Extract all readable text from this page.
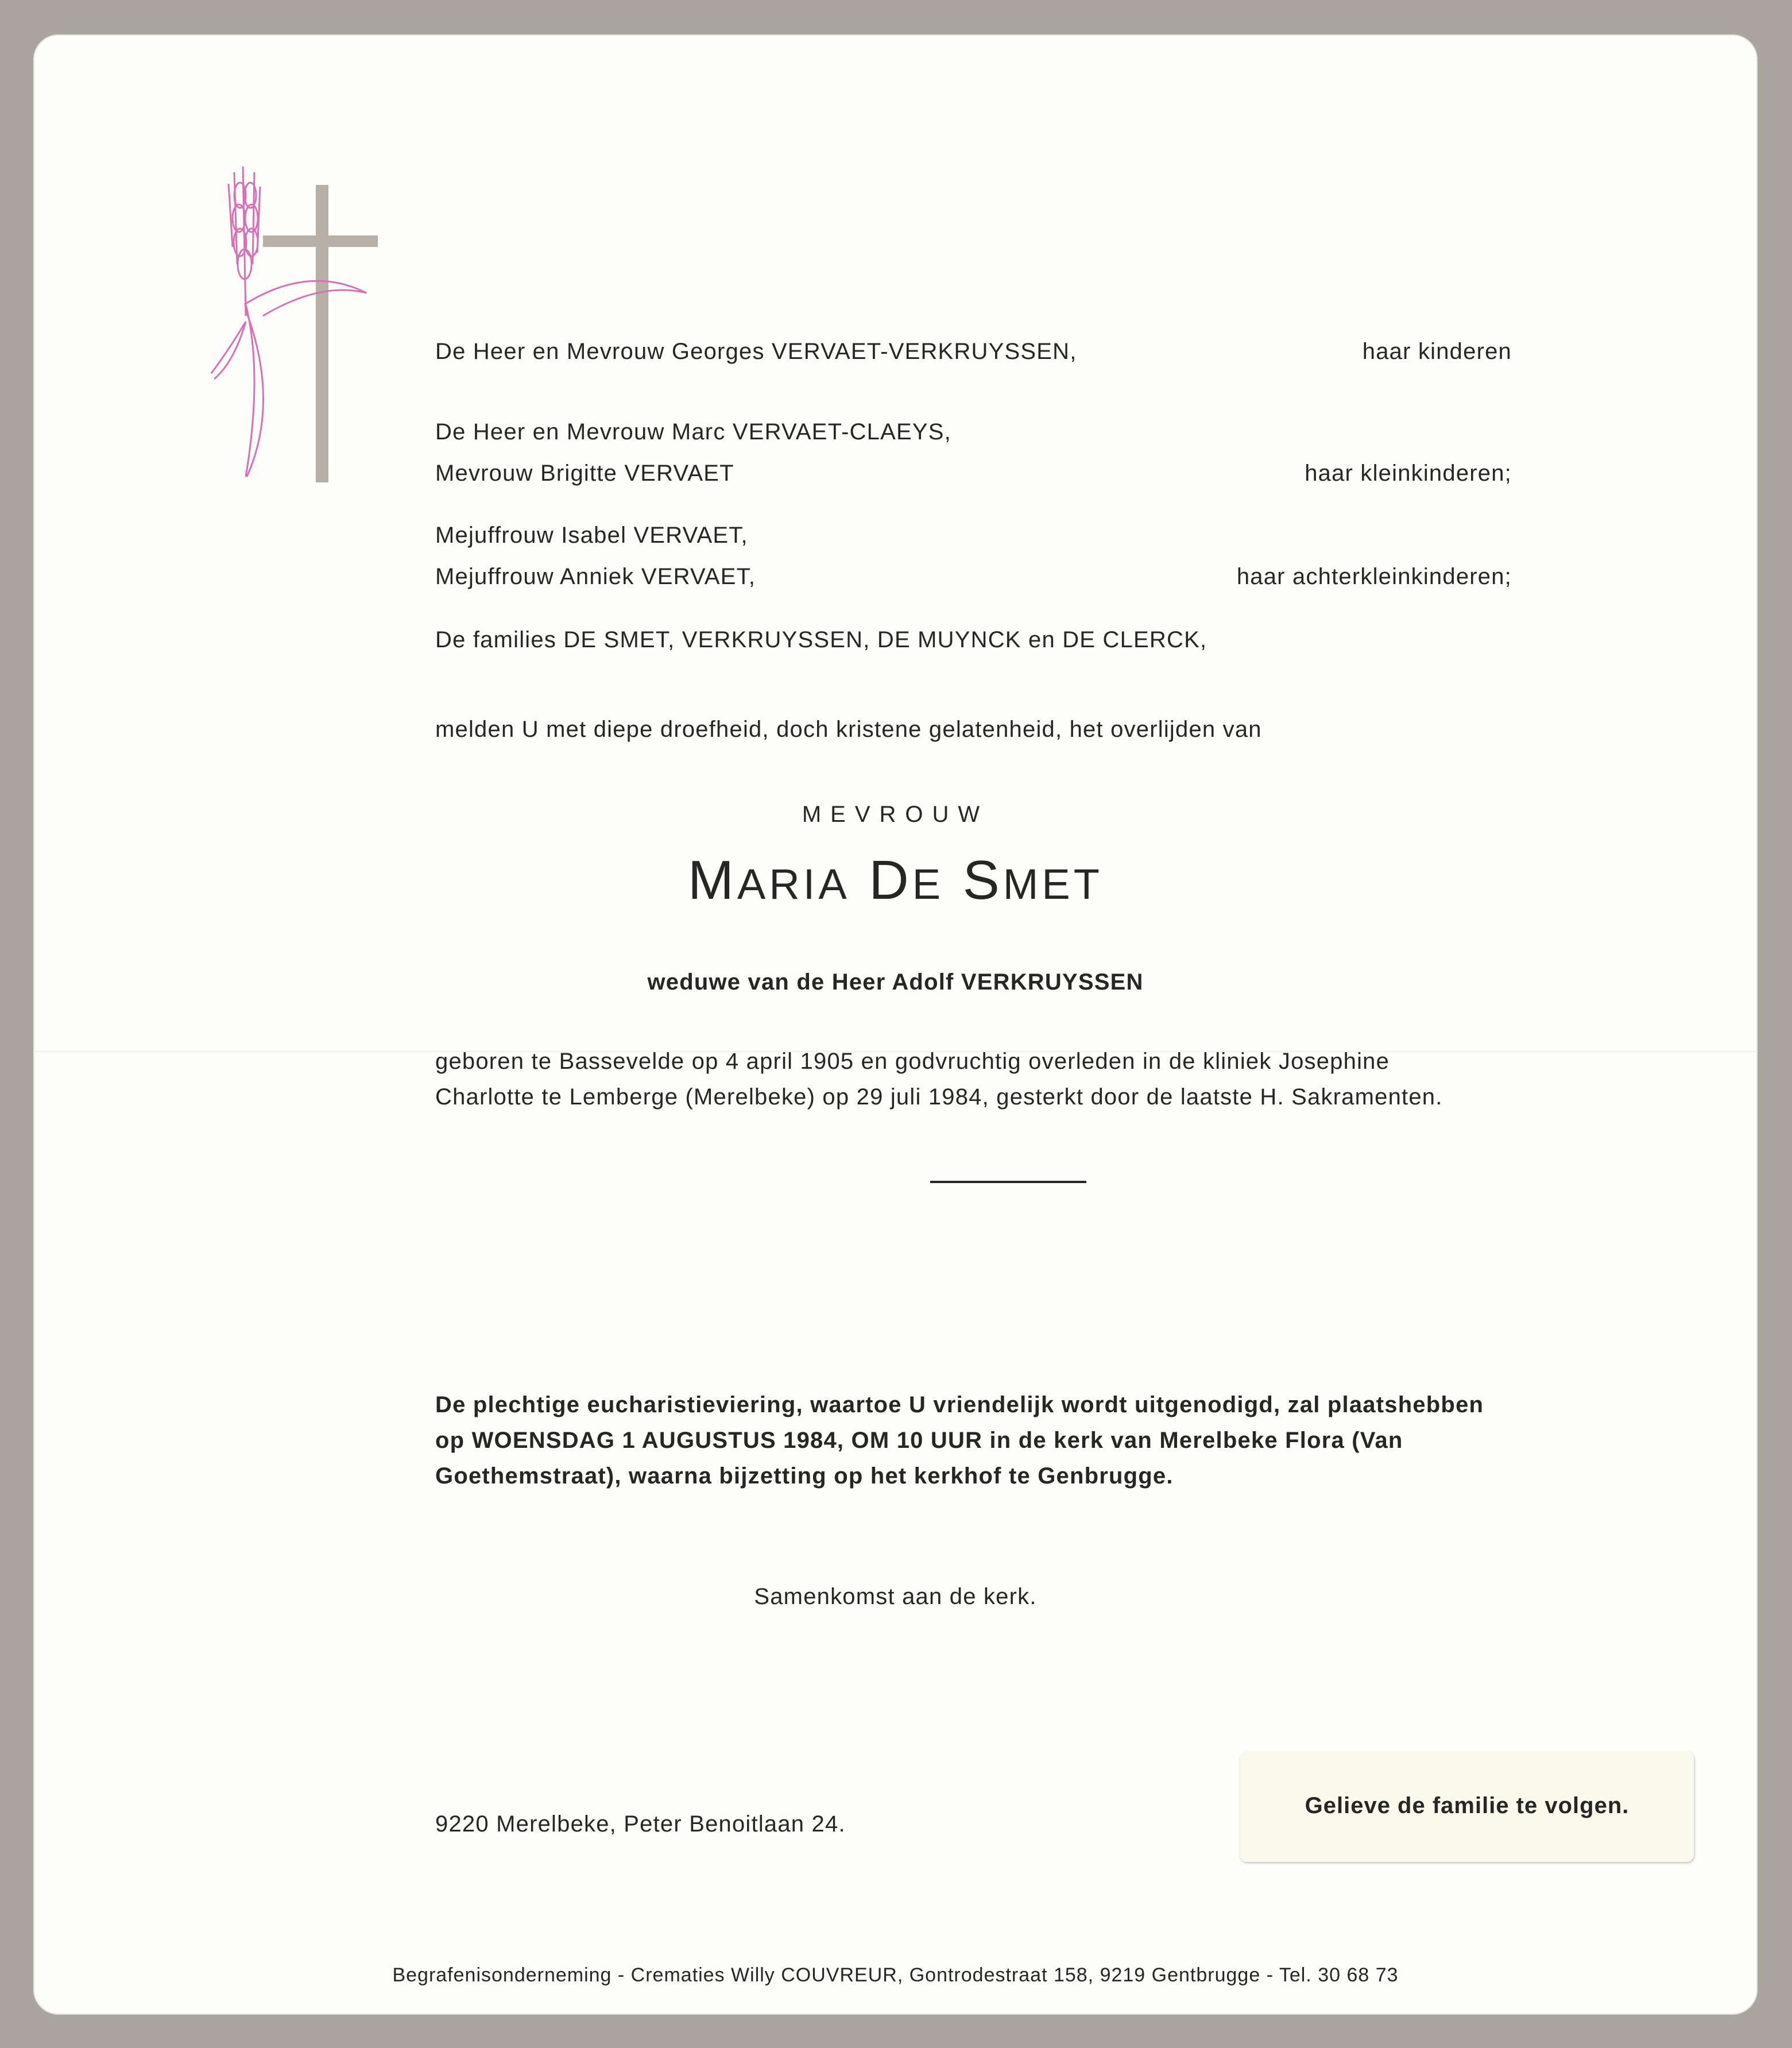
De Heer en Mevrouw Georges VERVAET-VERKRUYSSEN,	haar kinderen
De Heer en Mevrouw Marc VERVAET-CLAEYS,
Mevrouw Brigitte VERVAET	haar kleinkinderen;
Mejuffrouw Isabel VERVAET,
Mejuffrouw Anniek VERVAET,	haar achterkleinkinderen;
De families DE SMET, VERKRUYSSEN, DE MUYNCK en DE CLERCK,
melden U met diepe droefheid, doch kristene gelatenheid, het overlijden van
MEVROUW
MARIA DE SMET
weduwe van de Heer Adolf VERKRUYSSEN
geboren te Bassevelde op 4 april 1905 en godvruchtig overleden in de kliniek Josephine
Charlotte te Lemberge (Merelbeke) op 29 juli 1984, gesterkt door de laatste H. Sakramenten.
De plechtige eucharistieviering, waartoe U vriendelijk wordt uitgenodigd, zal plaatshebben
op WOENSDAG 1 AUGUSTUS 1984, OM 10 UUR in de kerk van Merelbeke Flora (Van
Goethemstraat), waarna bijzetting op het kerkhof te Genbrugge.
Samenkomst aan de kerk.
Gelieve de familie te volgen.
9220 Merelbeke, Peter Benoitlaan 24.
Begrafenisonderneming - Crematies Willy COUVREUR, Gontrodestraat 158, 9219 Gentbrugge - Tel. 30 68 73
